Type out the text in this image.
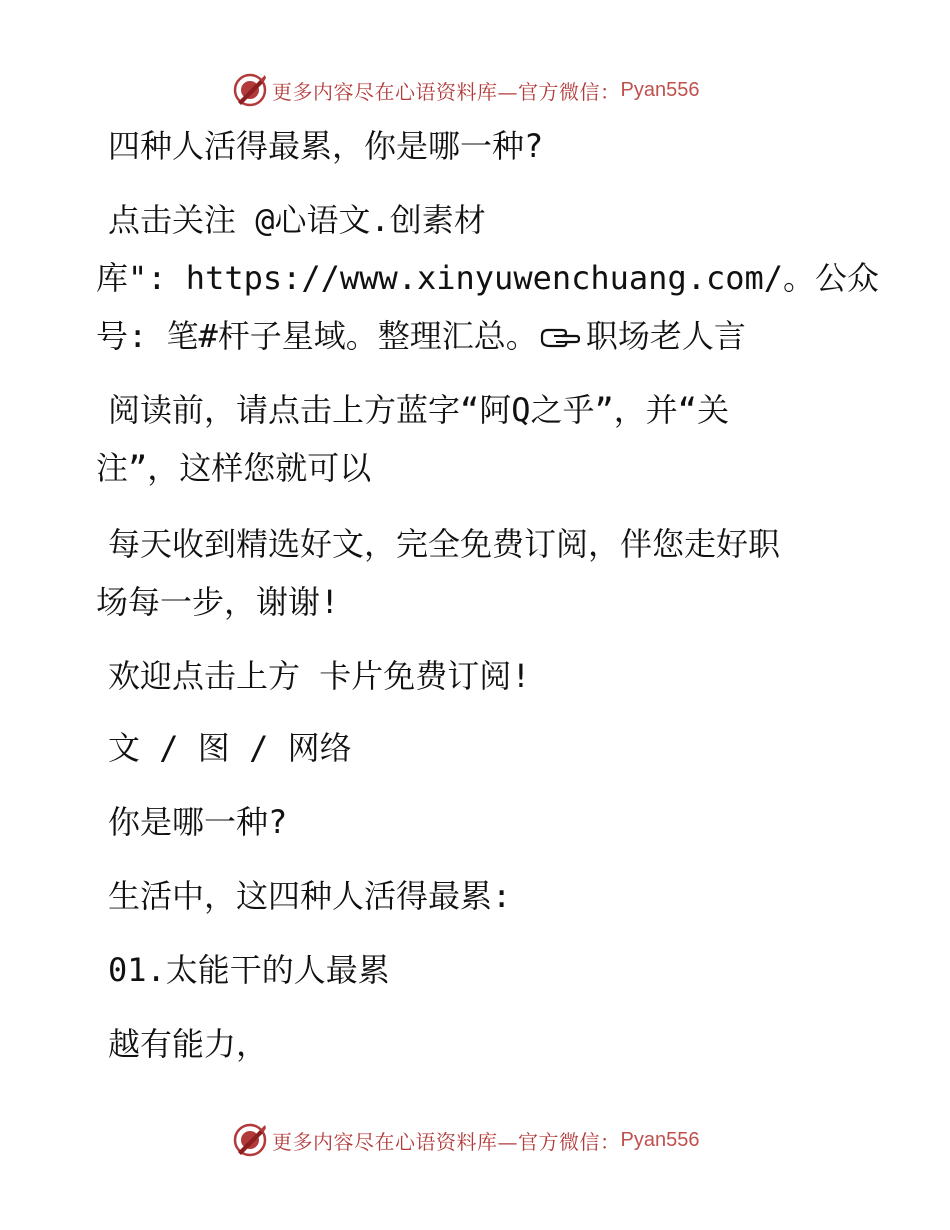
更多内容尽在心语资料库—官方微信： Pyan556
四种人活得最累，你是哪一种?
点击关注 @心语文.创素材
库": https://www.xinyuwenchuang.com/。公众
号: 笔#杆子星域。整理汇总。 职场老人言
阅读前，请点击上方蓝字“阿Q之乎”，并“关
注”，这样您就可以
每天收到精选好文，完全免费订阅，伴您走好职
场每一步，谢谢!
欢迎点击上方 卡片免费订阅!
文 / 图 / 网络
你是哪一种?
生活中，这四种人活得最累:
01.太能干的人最累
越有能力，
更多内容尽在心语资料库—官方微信： Pyan556
